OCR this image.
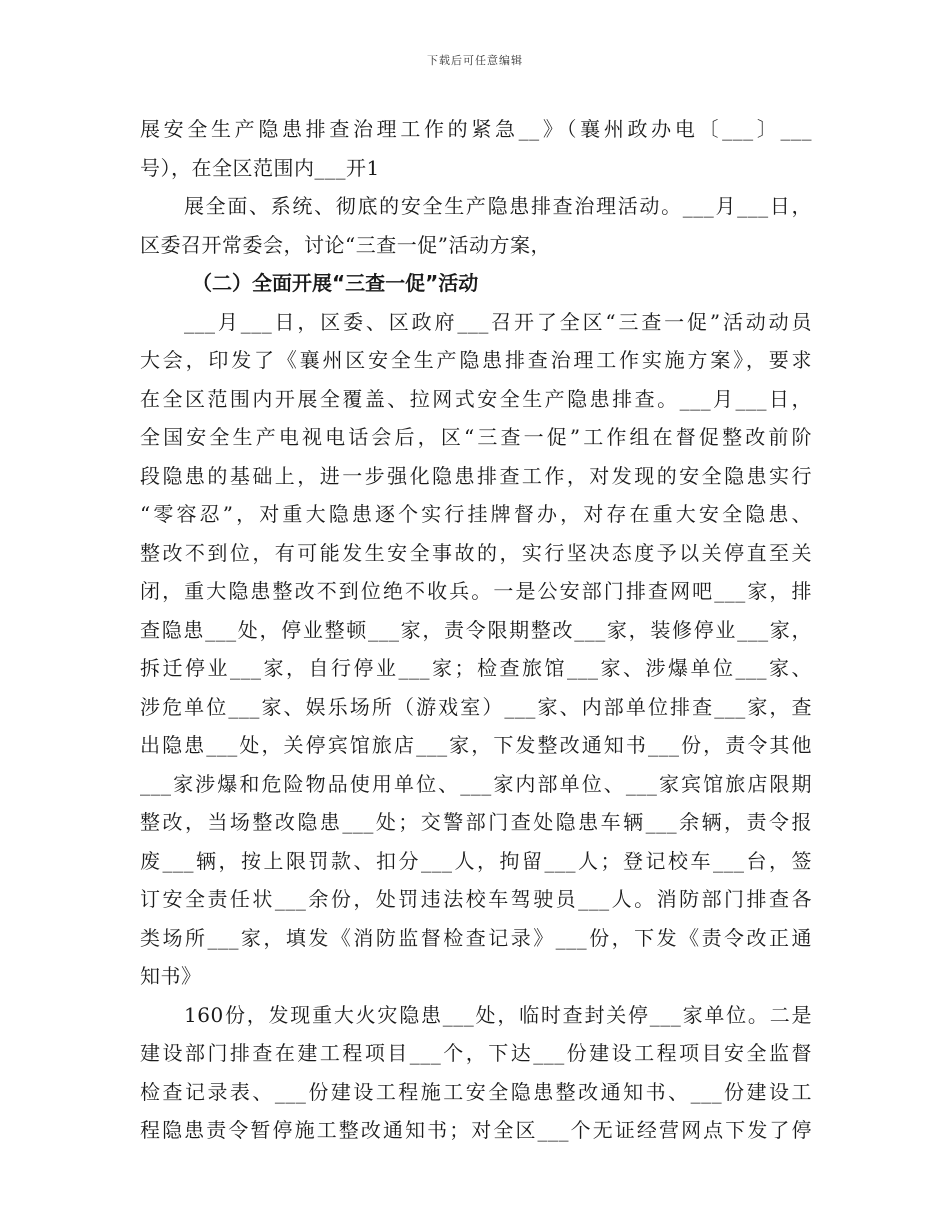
下载后可任意编辑
展安全生产隐患排查治理工作的紧急__》（襄州政办电〔___〕___
号），在全区范围内___开1
展全面、系统、彻底的安全生产隐患排查治理活动。___月___日，
区委召开常委会，讨论“三查一促”活动方案，
（二）全面开展“三查一促”活动
___月___日，区委、区政府___召开了全区“三查一促”活动动员
大会，印发了《襄州区安全生产隐患排查治理工作实施方案》，要求
在全区范围内开展全覆盖、拉网式安全生产隐患排查。___月___日，
全国安全生产电视电话会后，区“三查一促”工作组在督促整改前阶
段隐患的基础上，进一步强化隐患排查工作，对发现的安全隐患实行
“零容忍”，对重大隐患逐个实行挂牌督办，对存在重大安全隐患、
整改不到位，有可能发生安全事故的，实行坚决态度予以关停直至关
闭，重大隐患整改不到位绝不收兵。一是公安部门排查网吧___家，排
查隐患___处，停业整顿___家，责令限期整改___家，装修停业___家，
拆迁停业___家，自行停业___家；检查旅馆___家、涉爆单位___家、
涉危单位___家、娱乐场所（游戏室）___家、内部单位排查___家，查
出隐患___处，关停宾馆旅店___家，下发整改通知书___份，责令其他
___家涉爆和危险物品使用单位、___家内部单位、___家宾馆旅店限期
整改，当场整改隐患___处；交警部门查处隐患车辆___余辆，责令报
废___辆，按上限罚款、扣分___人，拘留___人；登记校车___台，签
订安全责任状___余份，处罚违法校车驾驶员___人。消防部门排查各
类场所___家，填发《消防监督检查记录》___份，下发《责令改正通
知书》
160份，发现重大火灾隐患___处，临时查封关停___家单位。二是
建设部门排查在建工程项目___个，下达___份建设工程项目安全监督
检查记录表、___份建设工程施工安全隐患整改通知书、___份建设工
程隐患责令暂停施工整改通知书；对全区___个无证经营网点下发了停
